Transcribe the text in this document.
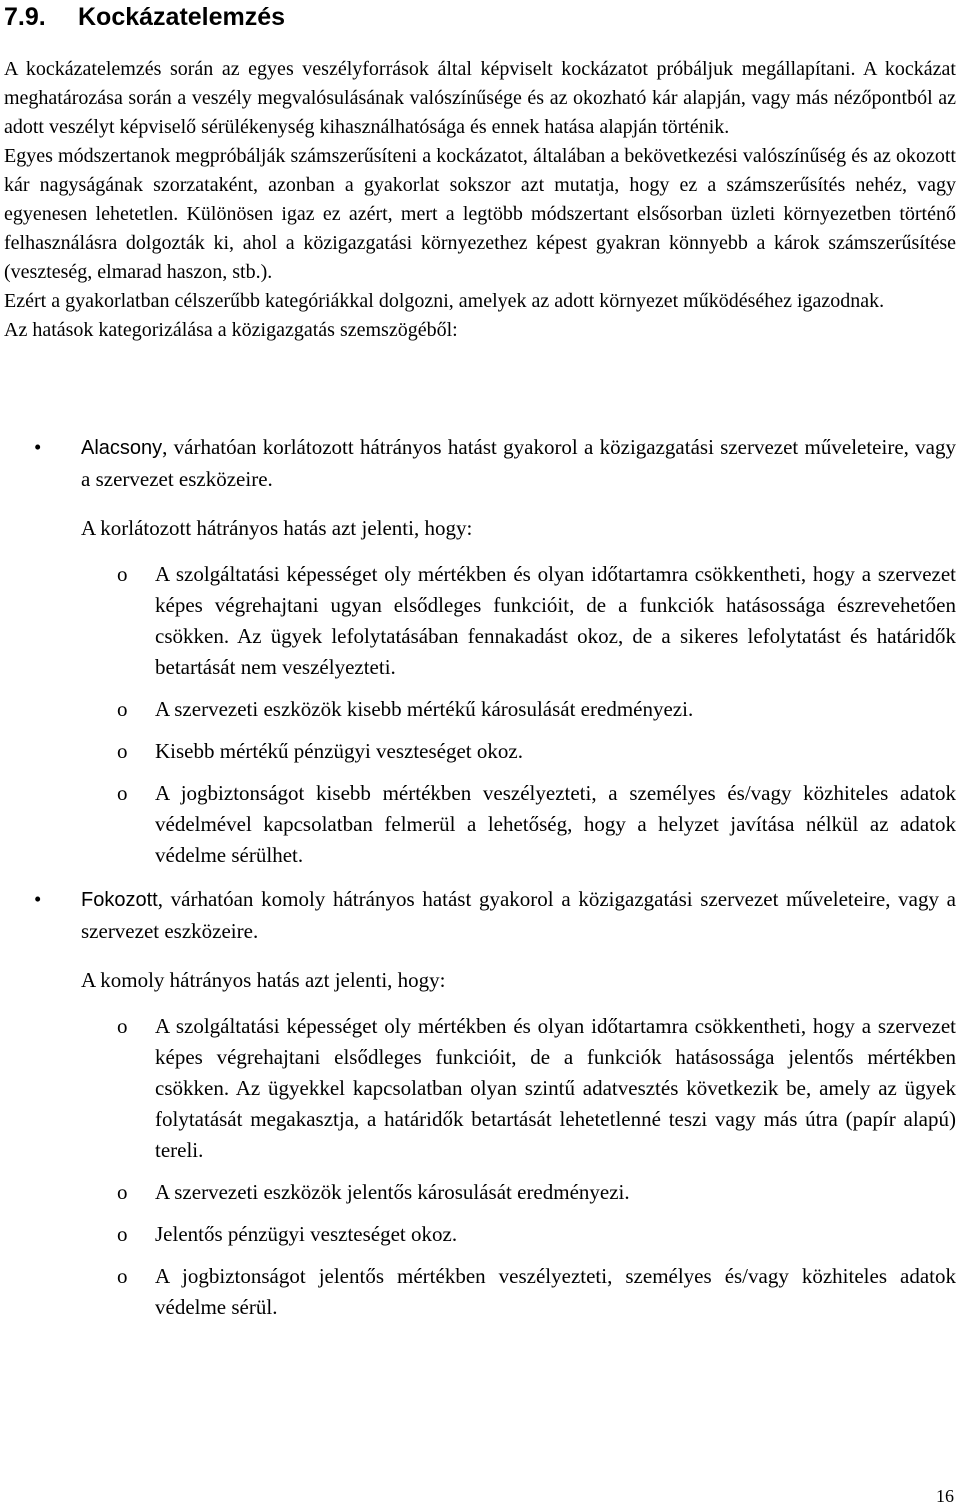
7.9. Kockázatelemzés

A kockázatelemzés során az egyes veszélyforrások által képviselt kockázatot próbáljuk megállapítani. A kockázat meghatározása során a veszély megvalósulásának valószínűsége és az okozható kár alapján, vagy más nézőpontból az adott veszélyt képviselő sérülékenység kihasználhatósága és ennek hatása alapján történik.

Egyes módszertanok megpróbálják számszerűsíteni a kockázatot, általában a bekövetkezési valószínűség és az okozott kár nagyságának szorzataként, azonban a gyakorlat sokszor azt mutatja, hogy ez a számszerűsítés nehéz, vagy egyenesen lehetetlen. Különösen igaz ez azért, mert a legtöbb módszertant elsősorban üzleti környezetben történő felhasználásra dolgozták ki, ahol a közigazgatási környezethez képest gyakran könnyebb a károk számszerűsítése (veszteség, elmarad haszon, stb.).

Ezért a gyakorlatban célszerűbb kategóriákkal dolgozni, amelyek az adott környezet működéséhez igazodnak.

Az hatások kategorizálása a közigazgatás szemszögéből:

• Alacsony, várhatóan korlátozott hátrányos hatást gyakorol a közigazgatási szervezet műveleteire, vagy a szervezet eszközeire.
A korlátozott hátrányos hatás azt jelenti, hogy:
o A szolgáltatási képességet oly mértékben és olyan időtartamra csökkentheti, hogy a szervezet képes végrehajtani ugyan elsődleges funkcióit, de a funkciók hatásossága észrevehetően csökken. Az ügyek lefolytatásában fennakadást okoz, de a sikeres lefolytatást és határidők betartását nem veszélyezteti.
o A szervezeti eszközök kisebb mértékű károsulását eredményezi.
o Kisebb mértékű pénzügyi veszteséget okoz.
o A jogbiztonságot kisebb mértékben veszélyezteti, a személyes és/vagy közhiteles adatok védelmével kapcsolatban felmerül a lehetőség, hogy a helyzet javítása nélkül az adatok védelme sérülhet.
• Fokozott, várhatóan komoly hátrányos hatást gyakorol a közigazgatási szervezet műveleteire, vagy a szervezet eszközeire.
A komoly hátrányos hatás azt jelenti, hogy:
o A szolgáltatási képességet oly mértékben és olyan időtartamra csökkentheti, hogy a szervezet képes végrehajtani elsődleges funkcióit, de a funkciók hatásossága jelentős mértékben csökken. Az ügyekkel kapcsolatban olyan szintű adatvesztés következik be, amely az ügyek folytatását megakasztja, a határidők betartását lehetetlenné teszi vagy más útra (papír alapú) tereli.
o A szervezeti eszközök jelentős károsulását eredményezi.
o Jelentős pénzügyi veszteséget okoz.
o A jogbiztonságot jelentős mértékben veszélyezteti, személyes és/vagy közhiteles adatok védelme sérül.
16
